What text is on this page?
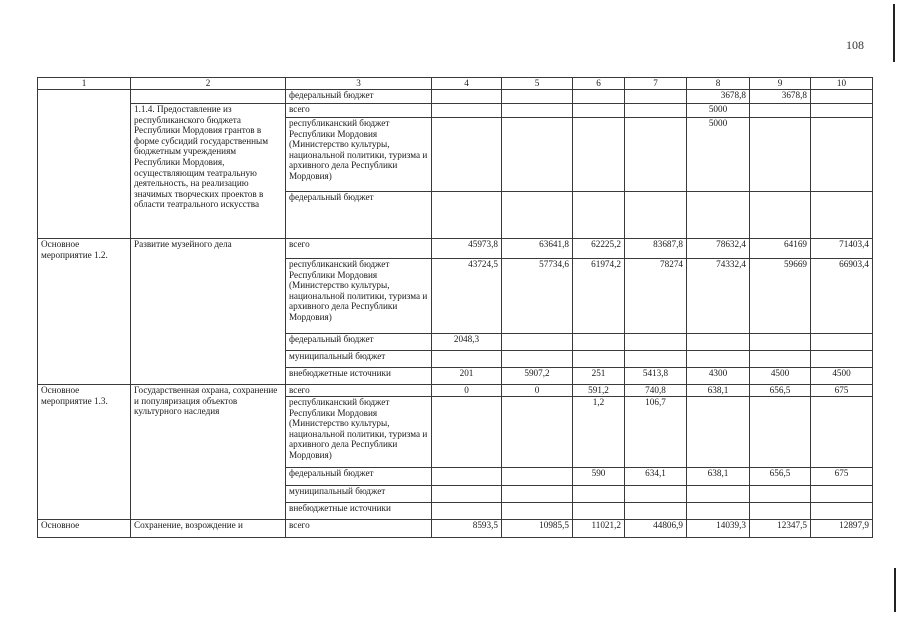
108
1	2	3	4	5	6	7	8	9	10
		федеральный бюджет					3678,8	3678,8	
	1.1.4. Предоставление из республиканского бюджета Республики Мордовия грантов в форме субсидий государственным бюджетным учреждениям Республики Мордовия, осуществляющим театральную деятельность, на реализацию значимых творческих проектов в области театрального искусства	всего					5000		
		республиканский бюджет Республики Мордовия (Министерство культуры, национальной политики, туризма и архивного дела Республики Мордовия)					5000		
		федеральный бюджет							
Основное мероприятие 1.2.	Развитие музейного дела	всего	45973,8	63641,8	62225,2	83687,8	78632,4	64169	71403,4
		республиканский бюджет Республики Мордовия (Министерство культуры, национальной политики, туризма и архивного дела Республики Мордовия)	43724,5	57734,6	61974,2	78274	74332,4	59669	66903,4
		федеральный бюджет	2048,3						
		муниципальный бюджет							
		внебюджетные источники	201	5907,2	251	5413,8	4300	4500	4500
Основное мероприятие 1.3.	Государственная охрана, сохранение и популяризация объектов культурного наследия	всего	0	0	591,2	740,8	638,1	656,5	675
		республиканский бюджет Республики Мордовия (Министерство культуры, национальной политики, туризма и архивного дела Республики Мордовия)			1,2	106,7			
		федеральный бюджет			590	634,1	638,1	656,5	675
		муниципальный бюджет							
		внебюджетные источники							
Основное	Сохранение, возрождение и	всего	8593,5	10985,5	11021,2	44806,9	14039,3	12347,5	12897,9
